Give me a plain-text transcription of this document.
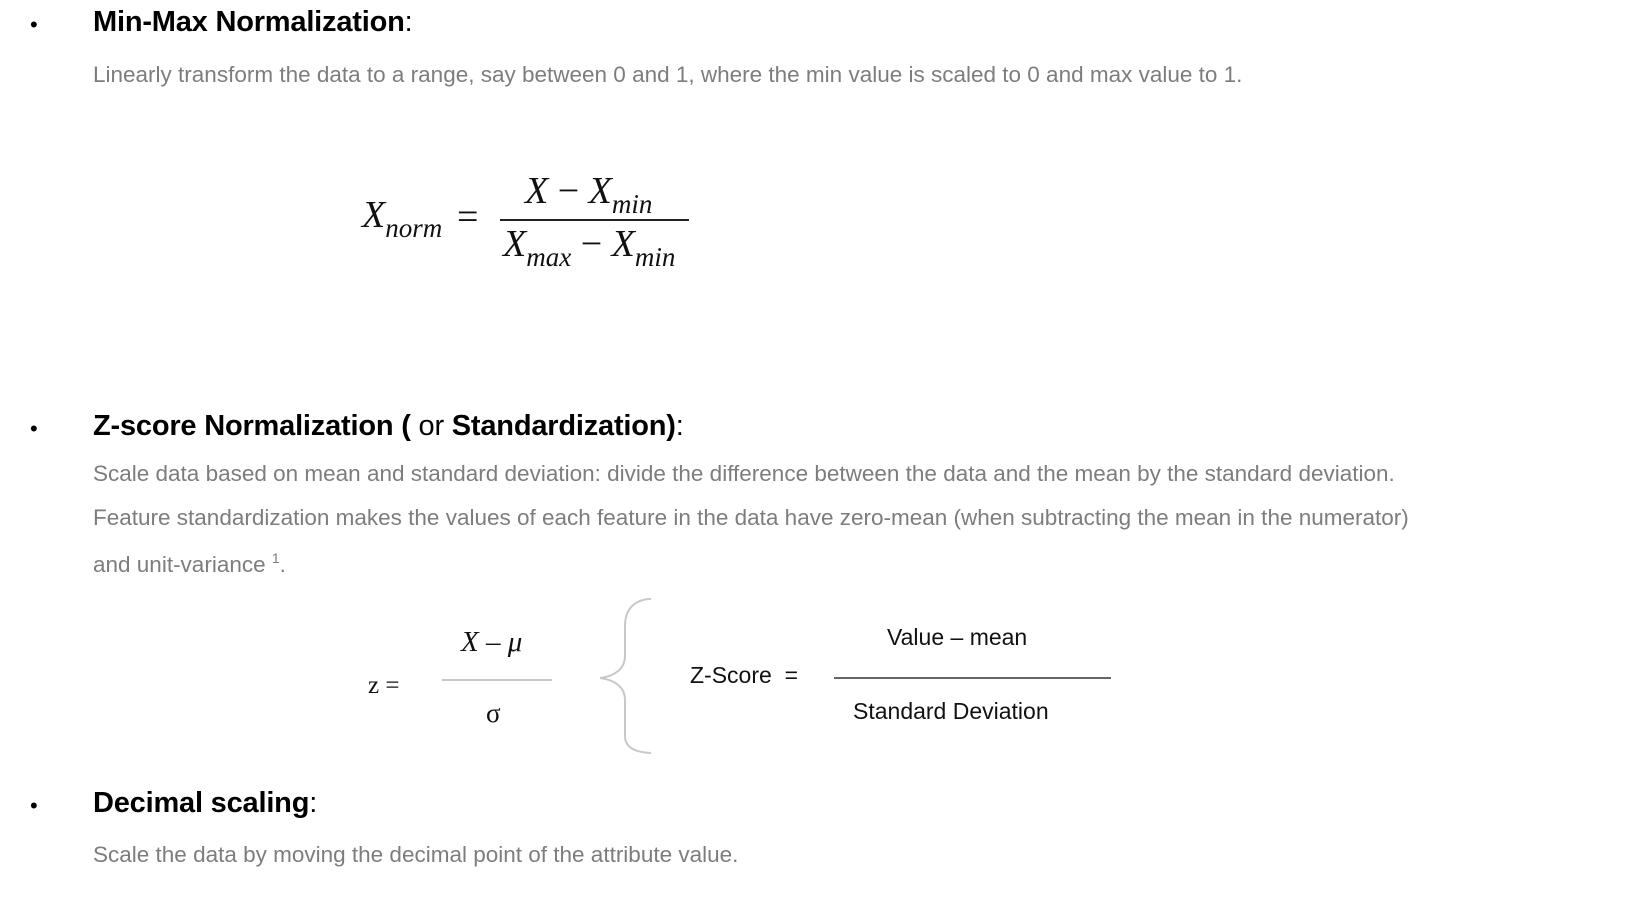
• Min-Max Normalization:
Linearly transform the data to a range, say between 0 and 1, where the min value is scaled to 0 and max value to 1.
$X_{norm}$ =
$X - X_{min}$
$X_{max} - X_{min}$
• Z-score Normalization ( or Standardization):
Scale data based on mean and standard deviation: divide the difference between the data and the mean by the standard deviation.
Feature standardization makes the values of each feature in the data have zero-mean (when subtracting the mean in the numerator)
and unit-variance $^1$.
z =
X – μ
σ
Z-Score  =
Value – mean
Standard Deviation
• Decimal scaling:
Scale the data by moving the decimal point of the attribute value.
